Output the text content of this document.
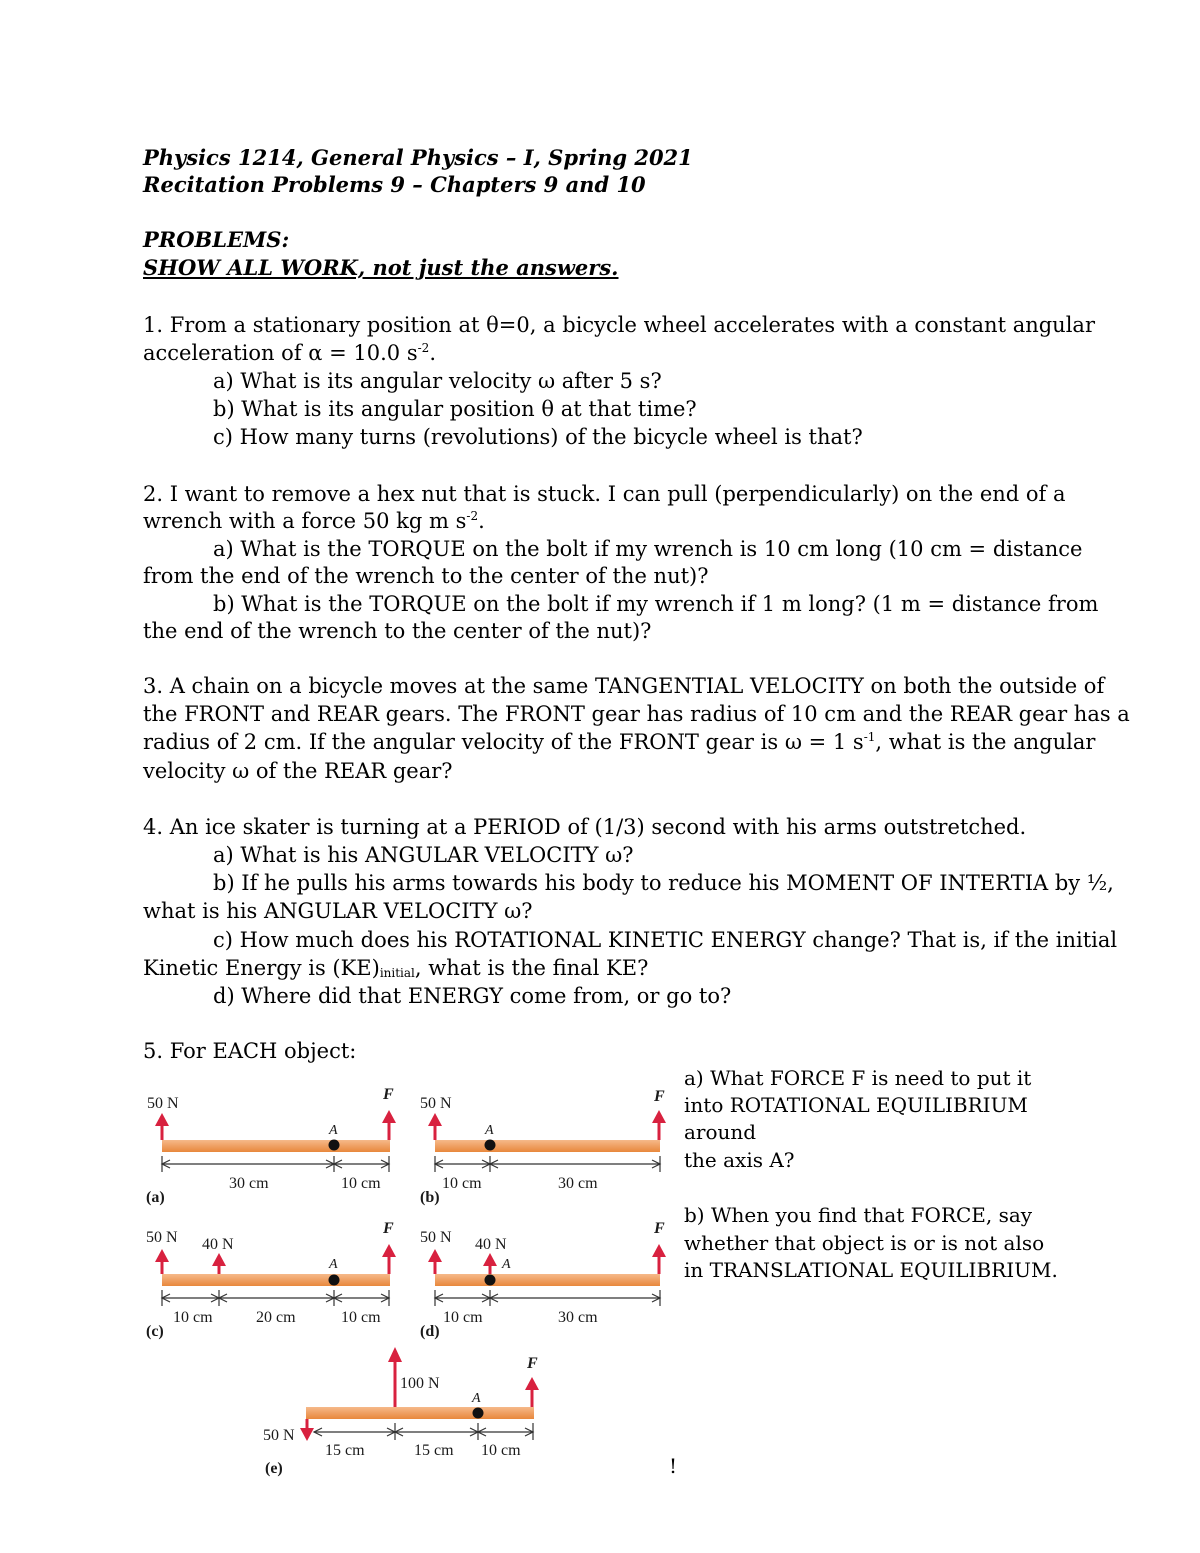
Physics 1214, General Physics – I, Spring 2021
Recitation Problems 9 – Chapters 9 and 10
PROBLEMS:
SHOW ALL WORK, not just the answers.
1. From a stationary position at θ=0, a bicycle wheel accelerates with a constant angular
acceleration of α = 10.0 $s^{-2}$.
a) What is its angular velocity ω after 5 s?
b) What is its angular position θ at that time?
c) How many turns (revolutions) of the bicycle wheel is that?
2. I want to remove a hex nut that is stuck. I can pull (perpendicularly) on the end of a
wrench with a force 50 kg m $s^{-2}$.
a) What is the TORQUE on the bolt if my wrench is 10 cm long (10 cm = distance
from the end of the wrench to the center of the nut)?
b) What is the TORQUE on the bolt if my wrench if 1 m long? (1 m = distance from
the end of the wrench to the center of the nut)?
3. A chain on a bicycle moves at the same TANGENTIAL VELOCITY on both the outside of
the FRONT and REAR gears. The FRONT gear has radius of 10 cm and the REAR gear has a
radius of 2 cm. If the angular velocity of the FRONT gear is ω = 1 $s^{-1}$, what is the angular
velocity ω of the REAR gear?
4. An ice skater is turning at a PERIOD of (1/3) second with his arms outstretched.
a) What is his ANGULAR VELOCITY ω?
b) If he pulls his arms towards his body to reduce his MOMENT OF INTERTIA by ½,
what is his ANGULAR VELOCITY ω?
c) How much does his ROTATIONAL KINETIC ENERGY change? That is, if the initial
Kinetic Energy is $(KE)_{initial}$, what is the final KE?
d) Where did that ENERGY come from, or go to?
5. For EACH object:
a) What FORCE F is need to put it
into ROTATIONAL EQUILIBRIUM
around
the axis A?
b) When you find that FORCE, say
whether that object is or is not also
in TRANSLATIONAL EQUILIBRIUM.
A
50 N
F⃗
30 cm	10 cm
(a)
A
50 N	F⃗
10 cm	30 cm
(b)
A
50 N 40 N
F⃗
10 cm	20 cm	10 cm
(c)
A
50 N 40 N
F⃗
10 cm	30 cm
(d)
A
100 N
50 N
F⃗
15 cm	15 cm 10 cm
(e)	!
